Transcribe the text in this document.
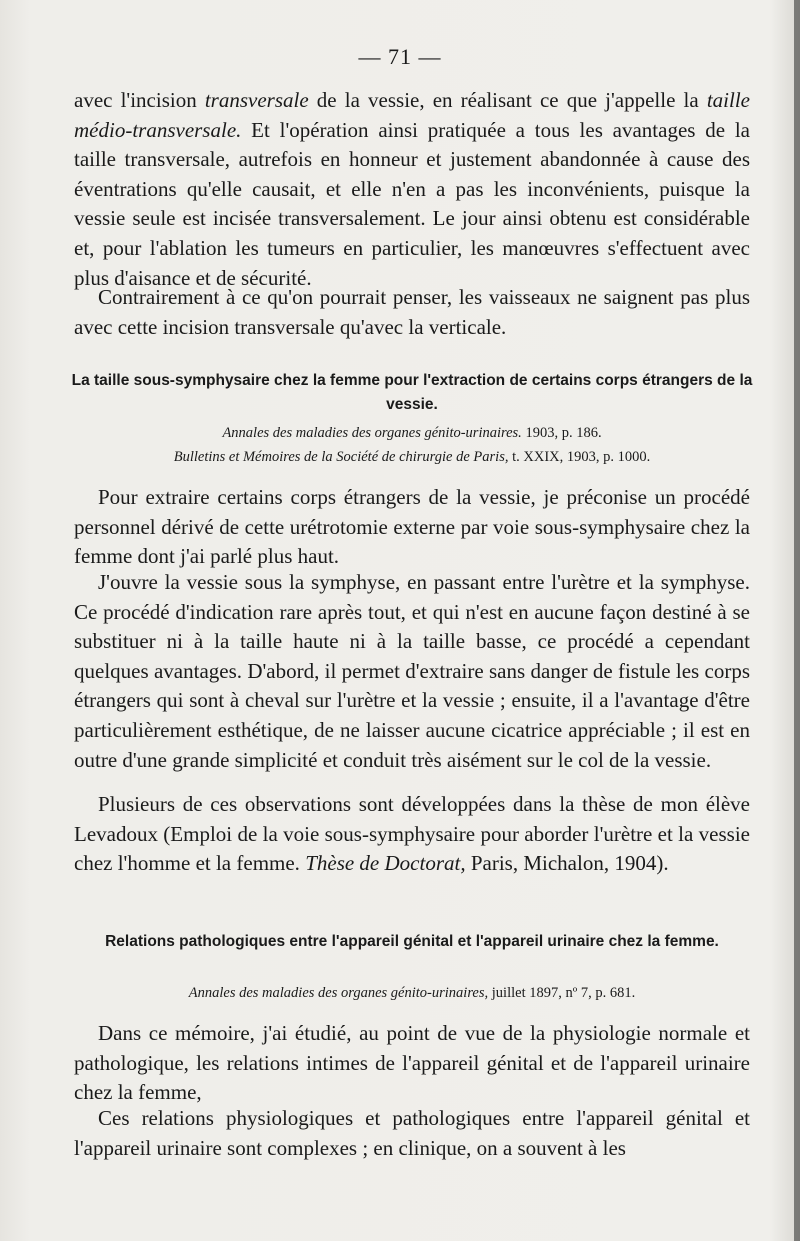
— 71 —

avec l'incision transversale de la vessie, en réalisant ce que j'appelle la taille médio-transversale. Et l'opération ainsi pratiquée a tous les avantages de la taille transversale, autrefois en honneur et justement abandonnée à cause des éventrations qu'elle causait, et elle n'en a pas les inconvénients, puisque la vessie seule est incisée transversalement. Le jour ainsi obtenu est considérable et, pour l'ablation les tumeurs en particulier, les manœuvres s'effectuent avec plus d'aisance et de sécurité.

Contrairement à ce qu'on pourrait penser, les vaisseaux ne saignent pas plus avec cette incision transversale qu'avec la verticale.

La taille sous-symphysaire chez la femme pour l'extraction de certains corps étrangers de la vessie.

Annales des maladies des organes génito-urinaires. 1903, p. 186.

Bulletins et Mémoires de la Société de chirurgie de Paris, t. XXIX, 1903, p. 1000.

Pour extraire certains corps étrangers de la vessie, je préconise un procédé personnel dérivé de cette urétrotomie externe par voie sous-symphysaire chez la femme dont j'ai parlé plus haut.

J'ouvre la vessie sous la symphyse, en passant entre l'urètre et la symphyse. Ce procédé d'indication rare après tout, et qui n'est en aucune façon destiné à se substituer ni à la taille haute ni à la taille basse, ce procédé a cependant quelques avantages. D'abord, il permet d'extraire sans danger de fistule les corps étrangers qui sont à cheval sur l'urètre et la vessie ; ensuite, il a l'avantage d'être particulièrement esthétique, de ne laisser aucune cicatrice appréciable ; il est en outre d'une grande simplicité et conduit très aisément sur le col de la vessie.

Plusieurs de ces observations sont développées dans la thèse de mon élève Levadoux (Emploi de la voie sous-symphysaire pour aborder l'urètre et la vessie chez l'homme et la femme. Thèse de Doctorat, Paris, Michalon, 1904).

Relations pathologiques entre l'appareil génital et l'appareil urinaire chez la femme.

Annales des maladies des organes génito-urinaires, juillet 1897, nº 7, p. 681.

Dans ce mémoire, j'ai étudié, au point de vue de la physiologie normale et pathologique, les relations intimes de l'appareil génital et de l'appareil urinaire chez la femme,

Ces relations physiologiques et pathologiques entre l'appareil génital et l'appareil urinaire sont complexes ; en clinique, on a souvent à les
